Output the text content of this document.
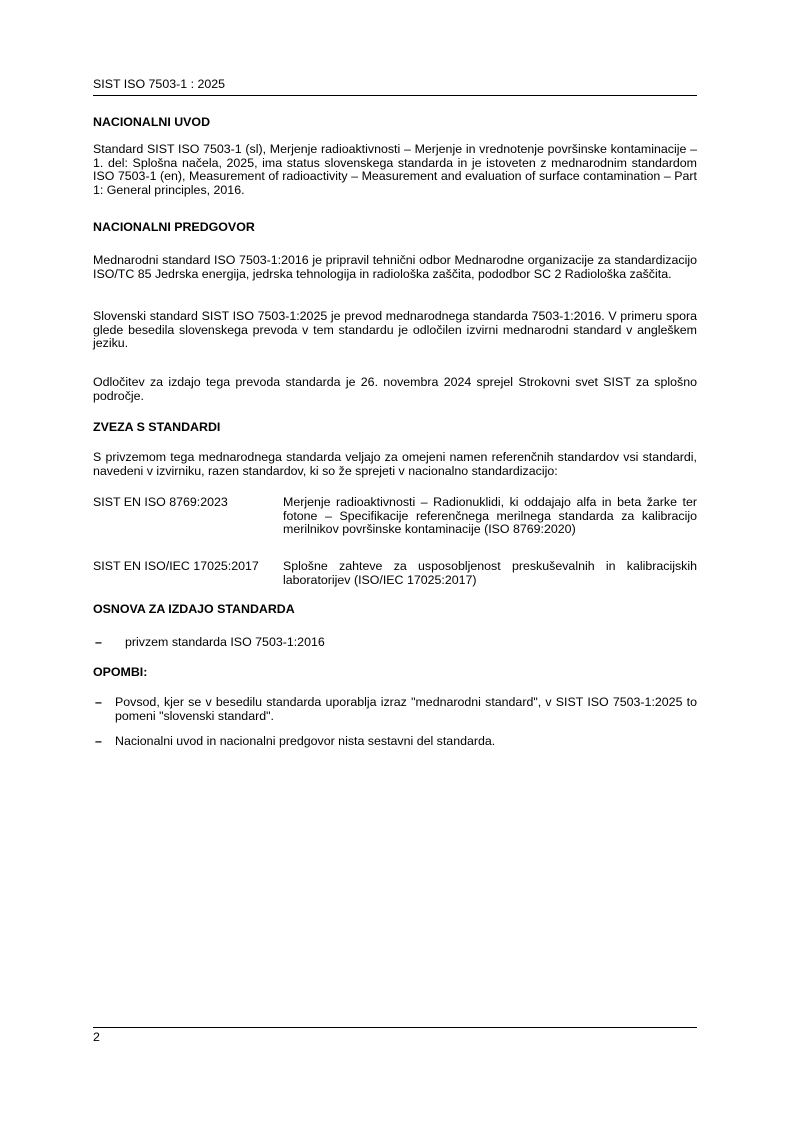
SIST ISO 7503-1 : 2025
NACIONALNI UVOD
Standard SIST ISO 7503-1 (sl), Merjenje radioaktivnosti – Merjenje in vrednotenje površinske kontaminacije – 1. del: Splošna načela, 2025, ima status slovenskega standarda in je istoveten z mednarodnim standardom ISO 7503-1 (en), Measurement of radioactivity – Measurement and evaluation of surface contamination – Part 1: General principles, 2016.
NACIONALNI PREDGOVOR
Mednarodni standard ISO 7503-1:2016 je pripravil tehnični odbor Mednarodne organizacije za standardizacijo ISO/TC 85 Jedrska energija, jedrska tehnologija in radiološka zaščita, pododbor SC 2 Radiološka zaščita.
Slovenski standard SIST ISO 7503-1:2025 je prevod mednarodnega standarda 7503-1:2016. V primeru spora glede besedila slovenskega prevoda v tem standardu je odločilen izvirni mednarodni standard v angleškem jeziku.
Odločitev za izdajo tega prevoda standarda je 26. novembra 2024 sprejel Strokovni svet SIST za splošno področje.
ZVEZA S STANDARDI
S privzemom tega mednarodnega standarda veljajo za omejeni namen referenčnih standardov vsi standardi, navedeni v izvirniku, razen standardov, ki so že sprejeti v nacionalno standardizacijo:
SIST EN ISO 8769:2023	Merjenje radioaktivnosti – Radionuklidi, ki oddajajo alfa in beta žarke ter fotone – Specifikacije referenčnega merilnega standarda za kalibracijo merilnikov površinske kontaminacije (ISO 8769:2020)
SIST EN ISO/IEC 17025:2017	Splošne zahteve za usposobljenost preskuševalnih in kalibracijskih laboratorijev (ISO/IEC 17025:2017)
OSNOVA ZA IZDAJO STANDARDA
–	privzem standarda ISO 7503-1:2016
OPOMBI:
–	Povsod, kjer se v besedilu standarda uporablja izraz "mednarodni standard", v SIST ISO 7503-1:2025 to pomeni "slovenski standard".
–	Nacionalni uvod in nacionalni predgovor nista sestavni del standarda.
2
